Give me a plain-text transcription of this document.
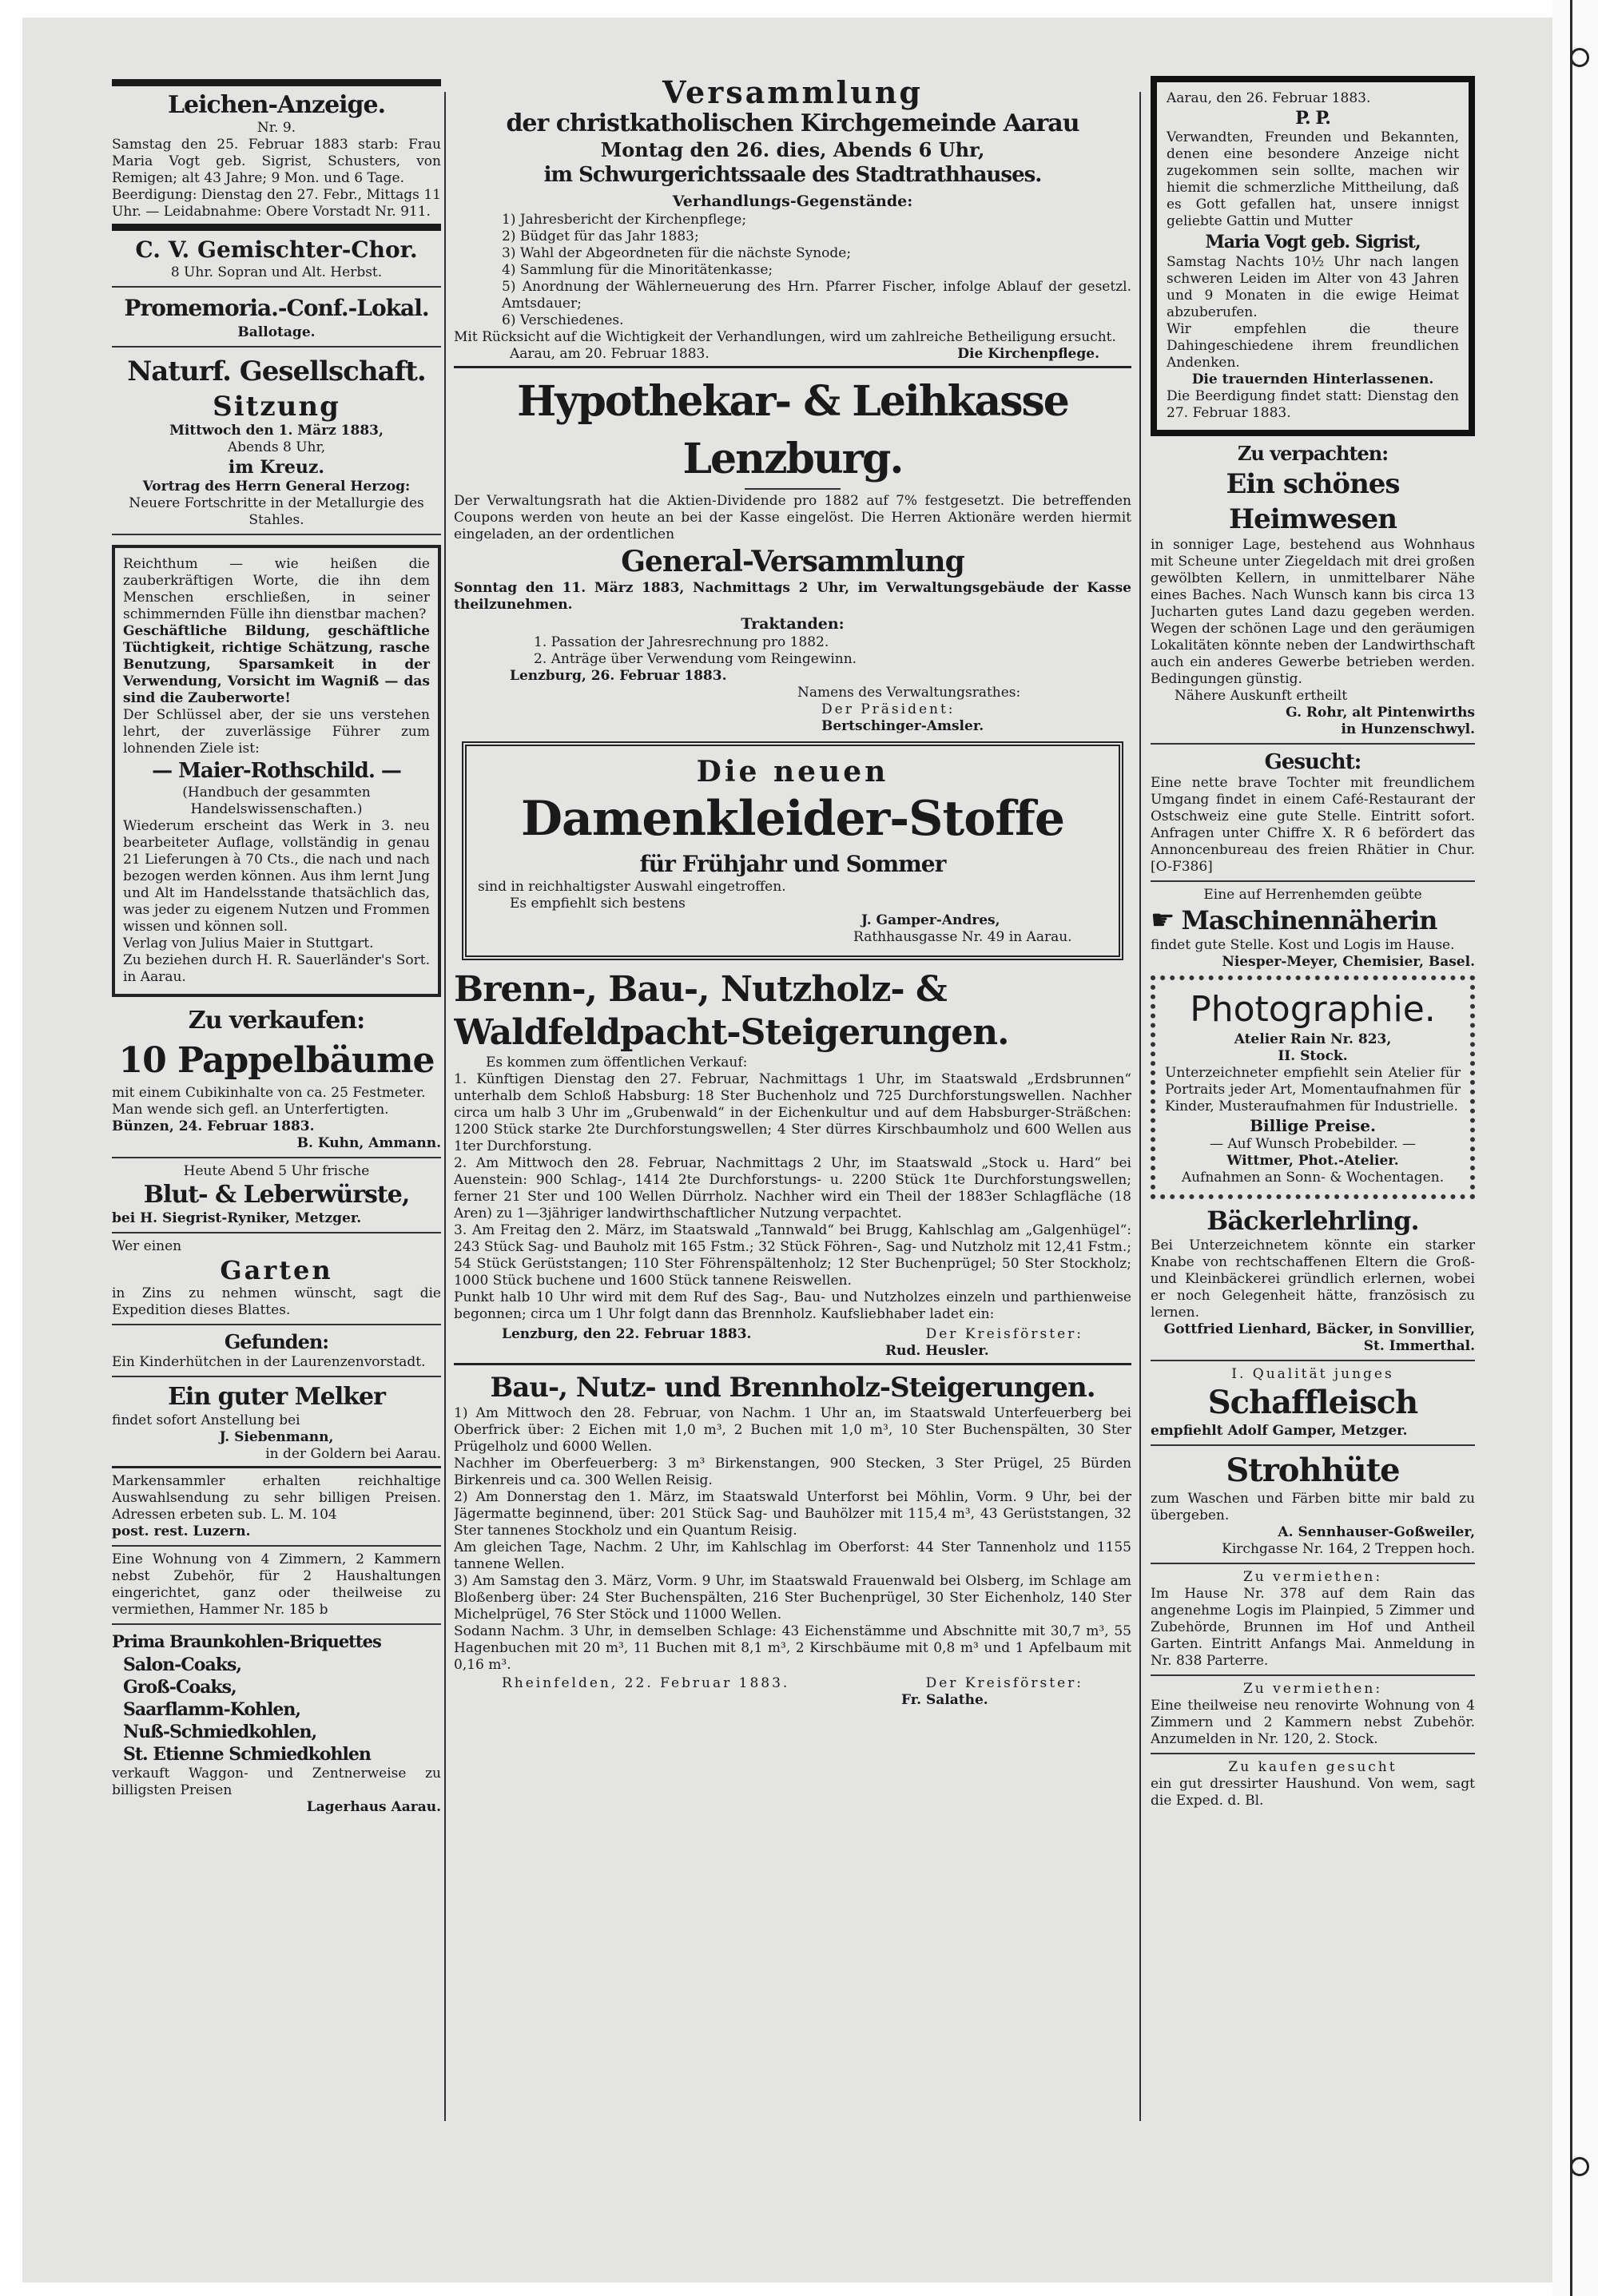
Leichen-Anzeige.
Nr. 9.

Samstag den 25. Februar 1883 starb: Frau Maria Vogt geb. Sigrist, Schusters, von Remigen; alt 43 Jahre; 9 Mon. und 6 Tage.

Beerdigung: Dienstag den 27. Febr., Mittags 11 Uhr. — Leidabnahme: Obere Vorstadt Nr. 911.

C. V. Gemischter-Chor.
8 Uhr. Sopran und Alt. Herbst.
Promemoria.-Conf.-Lokal.
Ballotage.
Naturf. Gesellschaft.
Sitzung
Mittwoch den 1. März 1883,
Abends 8 Uhr,
im Kreuz.
Vortrag des Herrn General Herzog:
Neuere Fortschritte in der Metallurgie des Stahles.

Reichthum — wie heißen die zauberkräftigen Worte, die ihn dem Menschen erschließen, in seiner schimmernden Fülle ihn dienstbar machen?

Geschäftliche Bildung, geschäftliche Tüchtigkeit, richtige Schätzung, rasche Benutzung, Sparsamkeit in der Verwendung, Vorsicht im Wagniß — das sind die Zauberworte!

Der Schlüssel aber, der sie uns verstehen lehrt, der zuverlässige Führer zum lohnenden Ziele ist:

— Maier-Rothschild. —
(Handbuch der gesammten Handelswissenschaften.)

Wiederum erscheint das Werk in 3. neu bearbeiteter Auflage, vollständig in genau 21 Lieferungen à 70 Cts., die nach und nach bezogen werden können. Aus ihm lernt Jung und Alt im Handelsstande thatsächlich das, was jeder zu eigenem Nutzen und Frommen wissen und können soll.

Verlag von Julius Maier in Stuttgart.

Zu beziehen durch H. R. Sauerländer's Sort. in Aarau.

Zu verkaufen:
10 Pappelbäume

mit einem Cubikinhalte von ca. 25 Festmeter.

Man wende sich gefl. an Unterfertigten.

Bünzen, 24. Februar 1883.

B. Kuhn, Ammann.

Heute Abend 5 Uhr frische
Blut- & Leberwürste,

bei H. Siegrist-Ryniker, Metzger.

Wer einen
Garten

in Zins zu nehmen wünscht, sagt die Expedition dieses Blattes.

Gefunden:

Ein Kinderhütchen in der Laurenzenvorstadt.

Ein guter Melker

findet sofort Anstellung bei

J. Siebenmann,
in der Goldern bei Aarau.

Markensammler erhalten reichhaltige Auswahlsendung zu sehr billigen Preisen. Adressen erbeten sub. L. M. 104

post. rest. Luzern.

Eine Wohnung von 4 Zimmern, 2 Kammern nebst Zubehör, für 2 Haushaltungen eingerichtet, ganz oder theilweise zu vermiethen, Hammer Nr. 185 b

Prima Braunkohlen-Briquettes
Salon-Coaks,
Groß-Coaks,
Saarflamm-Kohlen,
Nuß-Schmiedkohlen,
St. Etienne Schmiedkohlen

verkauft Waggon- und Zentnerweise zu billigsten Preisen

Lagerhaus Aarau.

Versammlung
der christkatholischen Kirchgemeinde Aarau
Montag den 26. dies, Abends 6 Uhr,
im Schwurgerichtssaale des Stadtrathhauses.
Verhandlungs-Gegenstände:

1) Jahresbericht der Kirchenpflege;

2) Büdget für das Jahr 1883;

3) Wahl der Abgeordneten für die nächste Synode;

4) Sammlung für die Minoritätenkasse;

5) Anordnung der Wählerneuerung des Hrn. Pfarrer Fischer, infolge Ablauf der gesetzl. Amtsdauer;

6) Verschiedenes.

Mit Rücksicht auf die Wichtigkeit der Verhandlungen, wird um zahlreiche Betheiligung ersucht.

Aarau, am 20. Februar 1883.	Die Kirchenpflege.
Hypothekar- & Leihkasse Lenzburg.

Der Verwaltungsrath hat die Aktien-Dividende pro 1882 auf 7% festgesetzt. Die betreffenden Coupons werden von heute an bei der Kasse eingelöst. Die Herren Aktionäre werden hiermit eingeladen, an der ordentlichen

General-Versammlung

Sonntag den 11. März 1883, Nachmittags 2 Uhr, im Verwaltungsgebäude der Kasse theilzunehmen.

Traktanden:

1. Passation der Jahresrechnung pro 1882.

2. Anträge über Verwendung vom Reingewinn.

Lenzburg, 26. Februar 1883.

Namens des Verwaltungsrathes:

Der Präsident:

Bertschinger-Amsler.

Die neuen
Damenkleider-Stoffe
für Frühjahr und Sommer

sind in reichhaltigster Auswahl eingetroffen.

Es empfiehlt sich bestens

J. Gamper-Andres,

Rathhausgasse Nr. 49 in Aarau.

Brenn-, Bau-, Nutzholz- & Waldfeldpacht-Steigerungen.

Es kommen zum öffentlichen Verkauf:

1. Künftigen Dienstag den 27. Februar, Nachmittags 1 Uhr, im Staatswald „Erdsbrunnen“ unterhalb dem Schloß Habsburg: 18 Ster Buchenholz und 725 Durchforstungswellen. Nachher circa um halb 3 Uhr im „Grubenwald“ in der Eichenkultur und auf dem Habsburger-Sträßchen: 1200 Stück starke 2te Durchforstungswellen; 4 Ster dürres Kirschbaumholz und 600 Wellen aus 1ter Durchforstung.

2. Am Mittwoch den 28. Februar, Nachmittags 2 Uhr, im Staatswald „Stock u. Hard“ bei Auenstein: 900 Schlag-, 1414 2te Durchforstungs- u. 2200 Stück 1te Durchforstungswellen; ferner 21 Ster und 100 Wellen Dürrholz. Nachher wird ein Theil der 1883er Schlagfläche (18 Aren) zu 1—3jähriger landwirthschaftlicher Nutzung verpachtet.

3. Am Freitag den 2. März, im Staatswald „Tannwald“ bei Brugg, Kahlschlag am „Galgenhügel“: 243 Stück Sag- und Bauholz mit 165 Fstm.; 32 Stück Föhren-, Sag- und Nutzholz mit 12,41 Fstm.; 54 Stück Gerüststangen; 110 Ster Föhrenspältenholz; 12 Ster Buchenprügel; 50 Ster Stockholz; 1000 Stück buchene und 1600 Stück tannene Reiswellen.

Punkt halb 10 Uhr wird mit dem Ruf des Sag-, Bau- und Nutzholzes einzeln und parthienweise begonnen; circa um 1 Uhr folgt dann das Brennholz. Kaufsliebhaber ladet ein:

Lenzburg, den 22. Februar 1883.	Der Kreisförster:

Rud. Heusler.

Bau-, Nutz- und Brennholz-Steigerungen.

1) Am Mittwoch den 28. Februar, von Nachm. 1 Uhr an, im Staatswald Unterfeuerberg bei Oberfrick über: 2 Eichen mit 1,0 m³, 2 Buchen mit 1,0 m³, 10 Ster Buchenspälten, 30 Ster Prügelholz und 6000 Wellen.

Nachher im Oberfeuerberg: 3 m³ Birkenstangen, 900 Stecken, 3 Ster Prügel, 25 Bürden Birkenreis und ca. 300 Wellen Reisig.

2) Am Donnerstag den 1. März, im Staatswald Unterforst bei Möhlin, Vorm. 9 Uhr, bei der Jägermatte beginnend, über: 201 Stück Sag- und Bauhölzer mit 115,4 m³, 43 Gerüststangen, 32 Ster tannenes Stockholz und ein Quantum Reisig.

Am gleichen Tage, Nachm. 2 Uhr, im Kahlschlag im Oberforst: 44 Ster Tannenholz und 1155 tannene Wellen.

3) Am Samstag den 3. März, Vorm. 9 Uhr, im Staatswald Frauenwald bei Olsberg, im Schlage am Bloßenberg über: 24 Ster Buchenspälten, 216 Ster Buchenprügel, 30 Ster Eichenholz, 140 Ster Michelprügel, 76 Ster Stöck und 11000 Wellen.

Sodann Nachm. 3 Uhr, in demselben Schlage: 43 Eichenstämme und Abschnitte mit 30,7 m³, 55 Hagenbuchen mit 20 m³, 11 Buchen mit 8,1 m³, 2 Kirschbäume mit 0,8 m³ und 1 Apfelbaum mit 0,16 m³.

Rheinfelden, 22. Februar 1883.	Der Kreisförster:

Fr. Salathe.

Aarau, den 26. Februar 1883.

P. P.

Verwandten, Freunden und Bekannten, denen eine besondere Anzeige nicht zugekommen sein sollte, machen wir hiemit die schmerzliche Mittheilung, daß es Gott gefallen hat, unsere innigst geliebte Gattin und Mutter

Maria Vogt geb. Sigrist,

Samstag Nachts 10½ Uhr nach langen schweren Leiden im Alter von 43 Jahren und 9 Monaten in die ewige Heimat abzuberufen.

Wir empfehlen die theure Dahingeschiedene ihrem freundlichen Andenken.

Die trauernden Hinterlassenen.

Die Beerdigung findet statt: Dienstag den 27. Februar 1883.

Zu verpachten:
Ein schönes Heimwesen

in sonniger Lage, bestehend aus Wohnhaus mit Scheune unter Ziegeldach mit drei großen gewölbten Kellern, in unmittelbarer Nähe eines Baches. Nach Wunsch kann bis circa 13 Jucharten gutes Land dazu gegeben werden. Wegen der schönen Lage und den geräumigen Lokalitäten könnte neben der Landwirthschaft auch ein anderes Gewerbe betrieben werden. Bedingungen günstig.

Nähere Auskunft ertheilt

G. Rohr, alt Pintenwirths

in Hunzenschwyl.

Gesucht:

Eine nette brave Tochter mit freundlichem Umgang findet in einem Café-Restaurant der Ostschweiz eine gute Stelle. Eintritt sofort. Anfragen unter Chiffre X. R 6 befördert das Annoncenbureau des freien Rhätier in Chur. [O-F386]

Eine auf Herrenhemden geübte
☛ Maschinennäherin

findet gute Stelle. Kost und Logis im Hause.

Niesper-Meyer, Chemisier, Basel.

Photographie.
Atelier Rain Nr. 823,
II. Stock.

Unterzeichneter empfiehlt sein Atelier für Portraits jeder Art, Momentaufnahmen für Kinder, Musteraufnahmen für Industrielle.

Billige Preise.
— Auf Wunsch Probebilder. —
Wittmer, Phot.-Atelier.
Aufnahmen an Sonn- & Wochentagen.
Bäckerlehrling.

Bei Unterzeichnetem könnte ein starker Knabe von rechtschaffenen Eltern die Groß- und Kleinbäckerei gründlich erlernen, wobei er noch Gelegenheit hätte, französisch zu lernen.

Gottfried Lienhard, Bäcker, in Sonvillier, St. Immerthal.

I. Qualität junges
Schaffleisch

empfiehlt Adolf Gamper, Metzger.

Strohhüte

zum Waschen und Färben bitte mir bald zu übergeben.

A. Sennhauser-Goßweiler,

Kirchgasse Nr. 164, 2 Treppen hoch.

Zu vermiethen:

Im Hause Nr. 378 auf dem Rain das angenehme Logis im Plainpied, 5 Zimmer und Zubehörde, Brunnen im Hof und Antheil Garten. Eintritt Anfangs Mai. Anmeldung in Nr. 838 Parterre.

Zu vermiethen:

Eine theilweise neu renovirte Wohnung von 4 Zimmern und 2 Kammern nebst Zubehör. Anzumelden in Nr. 120, 2. Stock.

Zu kaufen gesucht

ein gut dressirter Haushund. Von wem, sagt die Exped. d. Bl.
